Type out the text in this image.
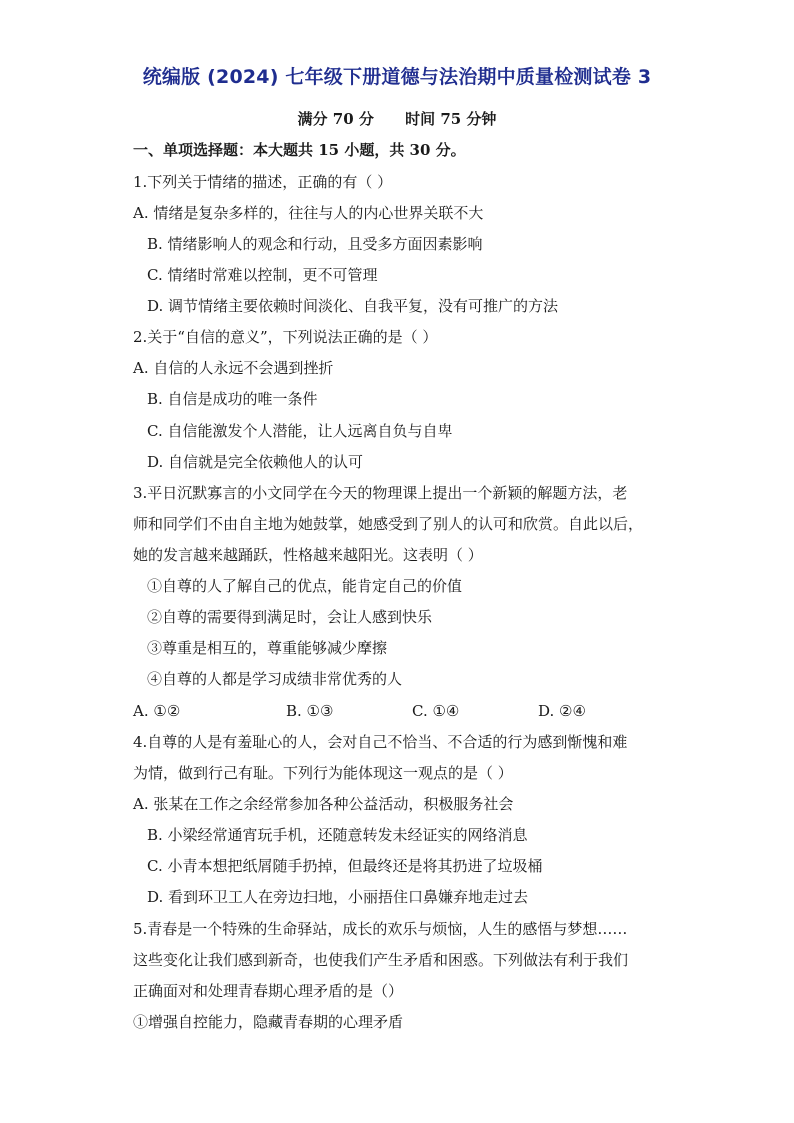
统编版 (2024) 七年级下册道德与法治期中质量检测试卷 3
满分 70 分 时间 75 分钟
一、单项选择题：本大题共 15 小题，共 30 分。
1.下列关于情绪的描述，正确的有（ ）
A. 情绪是复杂多样的，往往与人的内心世界关联不大
B. 情绪影响人的观念和行动，且受多方面因素影响
C. 情绪时常难以控制，更不可管理
D. 调节情绪主要依赖时间淡化、自我平复，没有可推广的方法
2.关于“自信的意义”，下列说法正确的是（ ）
A. 自信的人永远不会遇到挫折
B. 自信是成功的唯一条件
C. 自信能激发个人潜能，让人远离自负与自卑
D. 自信就是完全依赖他人的认可
3.平日沉默寡言的小文同学在今天的物理课上提出一个新颖的解题方法，老
师和同学们不由自主地为她鼓掌，她感受到了别人的认可和欣赏。自此以后，
她的发言越来越踊跃，性格越来越阳光。这表明（ ）
①自尊的人了解自己的优点，能肯定自己的价值
②自尊的需要得到满足时，会让人感到快乐
③尊重是相互的，尊重能够减少摩擦
④自尊的人都是学习成绩非常优秀的人
A. ①②	B. ①③	C. ①④	D. ②④
4.自尊的人是有羞耻心的人，会对自己不恰当、不合适的行为感到惭愧和难
为情，做到行己有耻。下列行为能体现这一观点的是（ ）
A. 张某在工作之余经常参加各种公益活动，积极服务社会
B. 小梁经常通宵玩手机，还随意转发未经证实的网络消息
C. 小青本想把纸屑随手扔掉，但最终还是将其扔进了垃圾桶
D. 看到环卫工人在旁边扫地，小丽捂住口鼻嫌弃地走过去
5.青春是一个特殊的生命驿站，成长的欢乐与烦恼，人生的感悟与梦想……
这些变化让我们感到新奇，也使我们产生矛盾和困惑。下列做法有利于我们
正确面对和处理青春期心理矛盾的是（）
①增强自控能力，隐藏青春期的心理矛盾
